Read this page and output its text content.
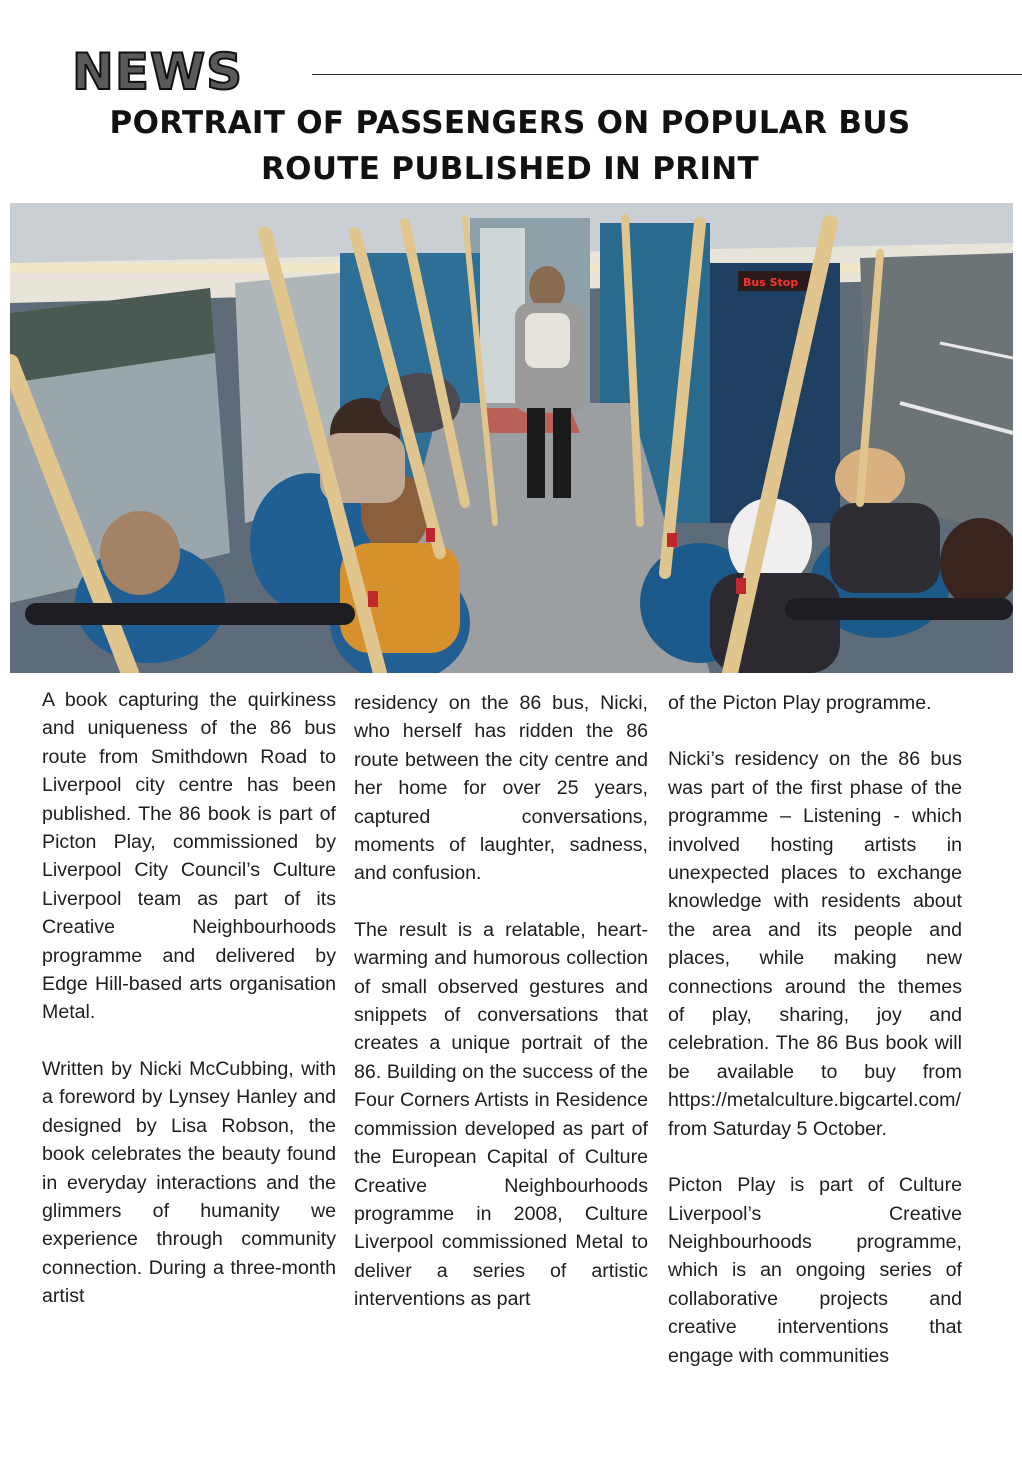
NEWS
PORTRAIT OF PASSENGERS ON POPULAR BUS ROUTE PUBLISHED IN PRINT
Bus Stop

A book capturing the quirkiness and uniqueness of the 86 bus route from Smithdown Road to Liverpool city centre has been published. The 86 book is part of Picton Play, commissioned by Liverpool City Council’s Culture Liverpool team as part of its Creative Neighbourhoods programme and delivered by Edge Hill-based arts organisation Metal.

Written by Nicki McCubbing, with a foreword by Lynsey Hanley and designed by Lisa Robson, the book celebrates the beauty found in everyday interactions and the glimmers of humanity we experience through community connection. During a three-month artist

residency on the 86 bus, Nicki, who herself has ridden the 86 route between the city centre and her home for over 25 years, captured conversations, moments of laughter, sadness, and confusion.

The result is a relatable, heart-warming and humorous collection of small observed gestures and snippets of conversations that creates a unique portrait of the 86. Building on the success of the Four Corners Artists in Residence commission developed as part of the European Capital of Culture Creative Neighbourhoods programme in 2008, Culture Liverpool commissioned Metal to deliver a series of artistic interventions as part

of the Picton Play programme.

Nicki’s residency on the 86 bus was part of the first phase of the programme – Listening - which involved hosting artists in unexpected places to exchange knowledge with residents about the area and its people and places, while making new connections around the themes of play, sharing, joy and celebration. The 86 Bus book will be available to buy from https://metalculture.bigcartel.com/ from Saturday 5 October.

Picton Play is part of Culture Liverpool’s Creative Neighbourhoods programme, which is an ongoing series of collaborative projects and creative interventions that engage with communities
